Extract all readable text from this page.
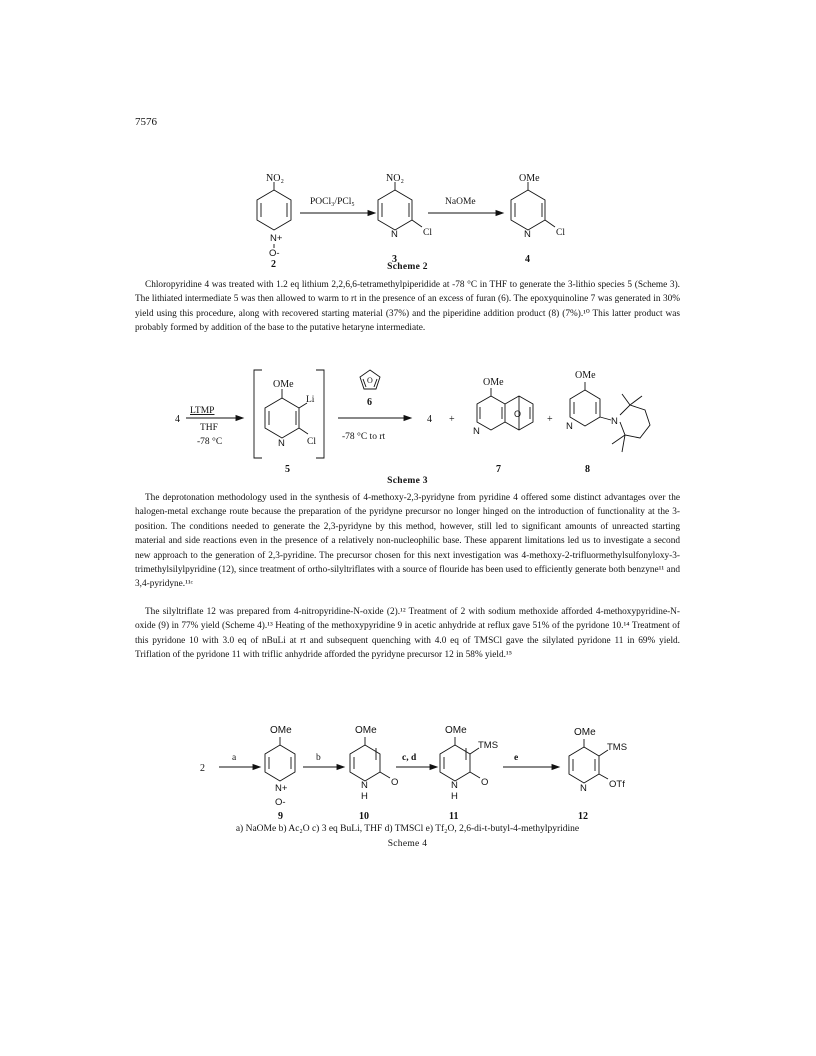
7576
NO₂
N+
O-
2
POCl₃/PCl₅
NO₂
N	Cl
3
NaOMe
OMe
N	Cl
4
Scheme 2
Chloropyridine 4 was treated with 1.2 eq lithium 2,2,6,6-tetramethylpiperidide at -78 °C in THF to generate the 3-lithio species 5 (Scheme 3). The lithiated intermediate 5 was then allowed to warm to rt in the presence of an excess of furan (6). The epoxyquinoline 7 was generated in 30% yield using this procedure, along with recovered starting material (37%) and the piperidine addition product (8) (7%).¹⁰ This latter product was probably formed by addition of the base to the putative hetaryne intermediate.
4
LTMP
THF
-78 °C
OMe
Li
N Cl
5
O
6
-78 °C to rt
4 +
OMe
O
N
7
+
OMe
N	N
8
Scheme 3
The deprotonation methodology used in the synthesis of 4-methoxy-2,3-pyridyne from pyridine 4 offered some distinct advantages over the halogen-metal exchange route because the preparation of the pyridyne precursor no longer hinged on the introduction of functionality at the 3-position. The conditions needed to generate the 2,3-pyridyne by this method, however, still led to significant amounts of unreacted starting material and side reactions even in the presence of a relatively non-nucleophilic base. These apparent limitations led us to investigate a second new approach to the generation of 2,3-pyridine. The precursor chosen for this next investigation was 4-methoxy-2-trifluormethylsulfonyloxy-3-trimethylsilylpyridine (12), since treatment of ortho-silyltriflates with a source of flouride has been used to efficiently generate both benzyne¹¹ and 3,4-pyridyne.¹¹ᶜ
The silyltriflate 12 was prepared from 4-nitropyridine-N-oxide (2).¹² Treatment of 2 with sodium methoxide afforded 4-methoxypyridine-N-oxide (9) in 77% yield (Scheme 4).¹³ Heating of the methoxypyridine 9 in acetic anhydride at reflux gave 51% of the pyridone 10.¹⁴ Treatment of this pyridone 10 with 3.0 eq of nBuLi at rt and subsequent quenching with 4.0 eq of TMSCl gave the silylated pyridone 11 in 69% yield. Triflation of the pyridone 11 with triflic anhydride afforded the pyridyne precursor 12 in 58% yield.¹⁵
2
a
OMe
N+
O-
9
b
OMe
N
H
O
10
c, d
OMe
TMS
N
H
O
11
e
OMe
TMS
N OTf
12
a) NaOMe b) Ac₂O c) 3 eq BuLi, THF d) TMSCl e) Tf₂O, 2,6-di-t-butyl-4-methylpyridine
Scheme 4
